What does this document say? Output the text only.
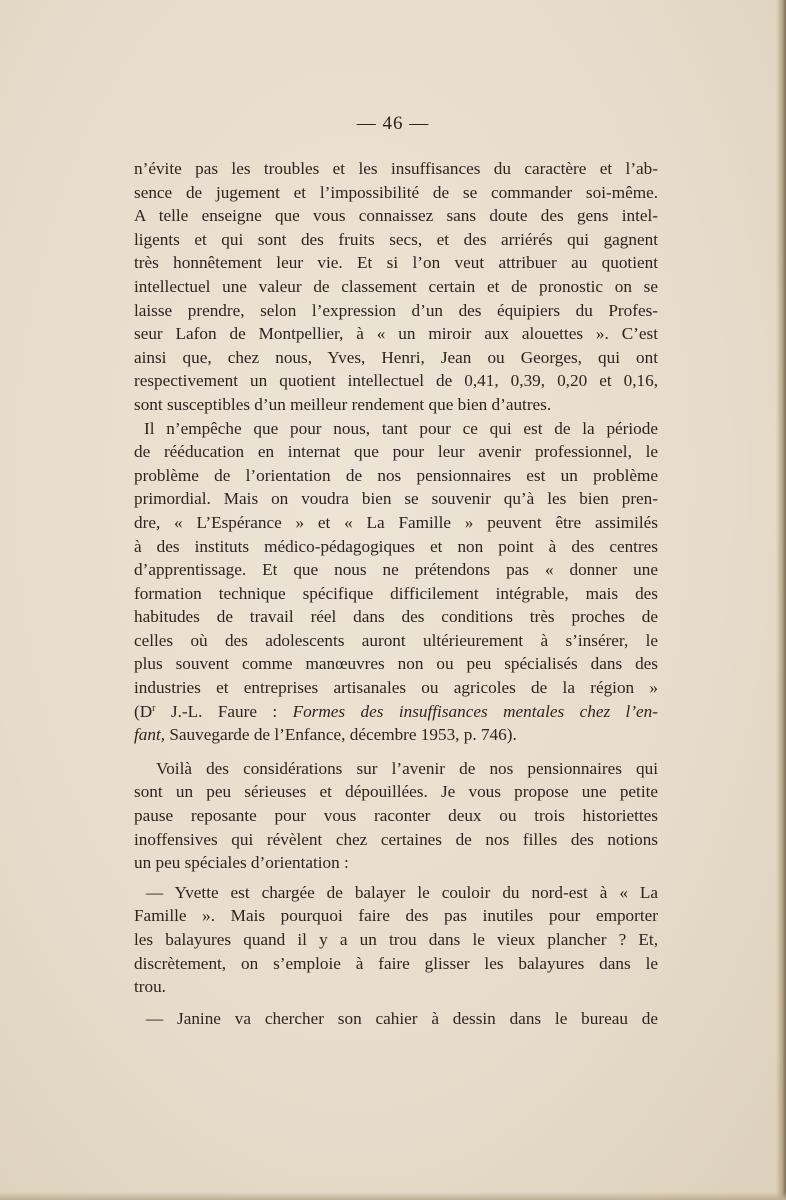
— 46 —
n’évite pas les troubles et les insuffisances du caractère et l’ab-
sence de jugement et l’impossibilité de se commander soi-même.
A telle enseigne que vous connaissez sans doute des gens intel-
ligents et qui sont des fruits secs, et des arriérés qui gagnent
très honnêtement leur vie. Et si l’on veut attribuer au quotient
intellectuel une valeur de classement certain et de pronostic on se
laisse prendre, selon l’expression d’un des équipiers du Profes-
seur Lafon de Montpellier, à « un miroir aux alouettes ». C’est
ainsi que, chez nous, Yves, Henri, Jean ou Georges, qui ont
respectivement un quotient intellectuel de 0,41, 0,39, 0,20 et 0,16,
sont susceptibles d’un meilleur rendement que bien d’autres.
Il n’empêche que pour nous, tant pour ce qui est de la période
de rééducation en internat que pour leur avenir professionnel, le
problème de l’orientation de nos pensionnaires est un problème
primordial. Mais on voudra bien se souvenir qu’à les bien pren-
dre, « L’Espérance » et « La Famille » peuvent être assimilés
à des instituts médico-pédagogiques et non point à des centres
d’apprentissage. Et que nous ne prétendons pas « donner une
formation technique spécifique difficilement intégrable, mais des
habitudes de travail réel dans des conditions très proches de
celles où des adolescents auront ultérieurement à s’insérer, le
plus souvent comme manœuvres non ou peu spécialisés dans des
industries et entreprises artisanales ou agricoles de la région »
($D^r$ J.-L. Faure : Formes des insuffisances mentales chez l’en-
fant, Sauvegarde de l’Enfance, décembre 1953, p. 746).
Voilà des considérations sur l’avenir de nos pensionnaires qui
sont un peu sérieuses et dépouillées. Je vous propose une petite
pause reposante pour vous raconter deux ou trois historiettes
inoffensives qui révèlent chez certaines de nos filles des notions
un peu spéciales d’orientation :
— Yvette est chargée de balayer le couloir du nord-est à « La
Famille ». Mais pourquoi faire des pas inutiles pour emporter
les balayures quand il y a un trou dans le vieux plancher ? Et,
discrètement, on s’emploie à faire glisser les balayures dans le
trou.
— Janine va chercher son cahier à dessin dans le bureau de
